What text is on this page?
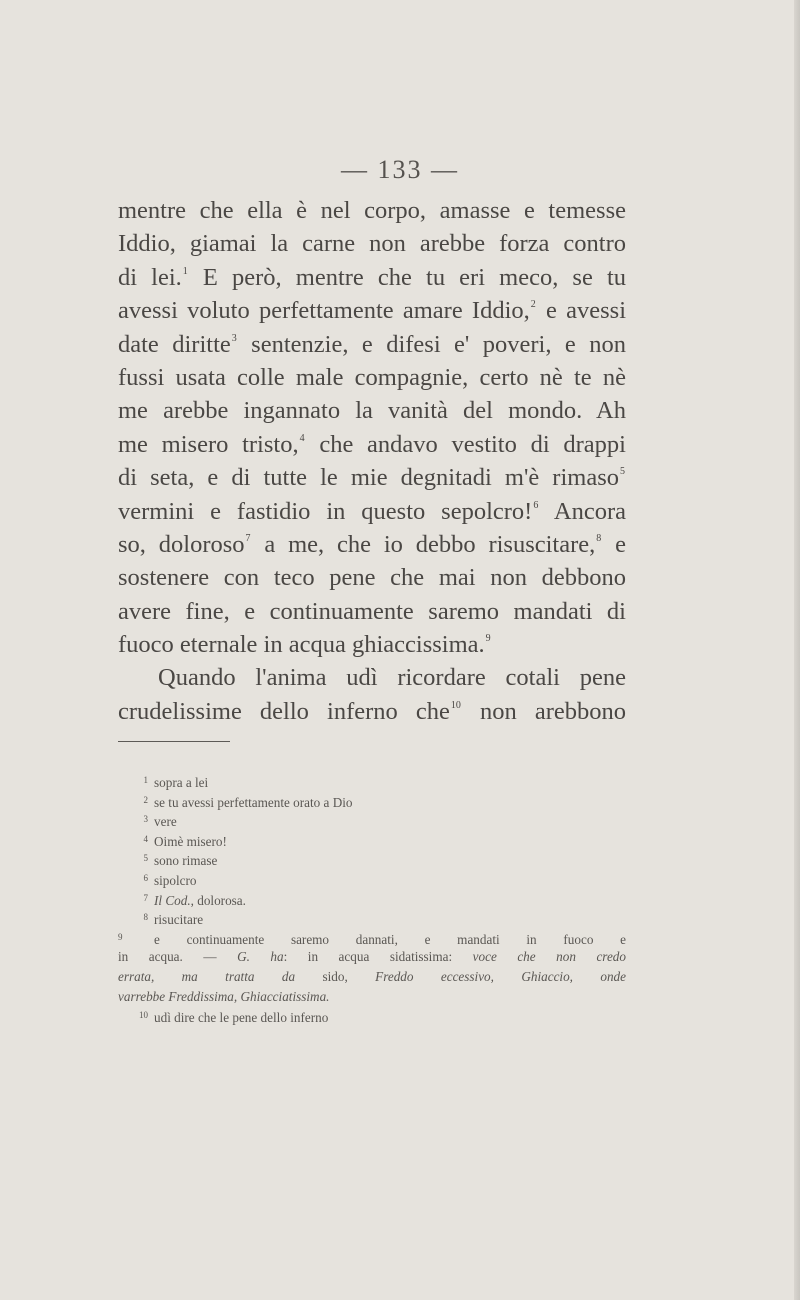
— 133 —
mentre che ella è nel corpo, amasse e temesse
Iddio, giamai la carne non arebbe forza contro
di lei.$^1$ E però, mentre che tu eri meco, se tu
avessi voluto perfettamente amare Iddio,$^2$ e avessi
date diritte$^3$ sentenzie, e difesi e' poveri, e non
fussi usata colle male compagnie, certo nè te nè
me arebbe ingannato la vanità del mondo. Ah
me misero tristo,$^4$ che andavo vestito di drappi
di seta, e di tutte le mie degnitadi m'è rimaso$^5$
vermini e fastidio in questo sepolcro!$^6$ Ancora
so, doloroso$^7$ a me, che io debbo risuscitare,$^8$ e
sostenere con teco pene che mai non debbono
avere fine, e continuamente saremo mandati di
fuoco eternale in acqua ghiaccissima.$^9$
Quando l'anima udì ricordare cotali pene
crudelissime dello inferno che$^{10}$ non arebbono
1 sopra a lei
2 se tu avessi perfettamente orato a Dio
3 vere
4 Oimè misero!
5 sono rimase
6 sipolcro
7 Il Cod., dolorosa.
8 risucitare
9 e continuamente saremo dannati, e mandati in fuoco e
in acqua. — G. ha: in acqua sidatissima: voce che non credo
errata, ma tratta da sido, Freddo eccessivo, Ghiaccio, onde
varrebbe Freddissima, Ghiacciatissima.
10 udì dire che le pene dello inferno
